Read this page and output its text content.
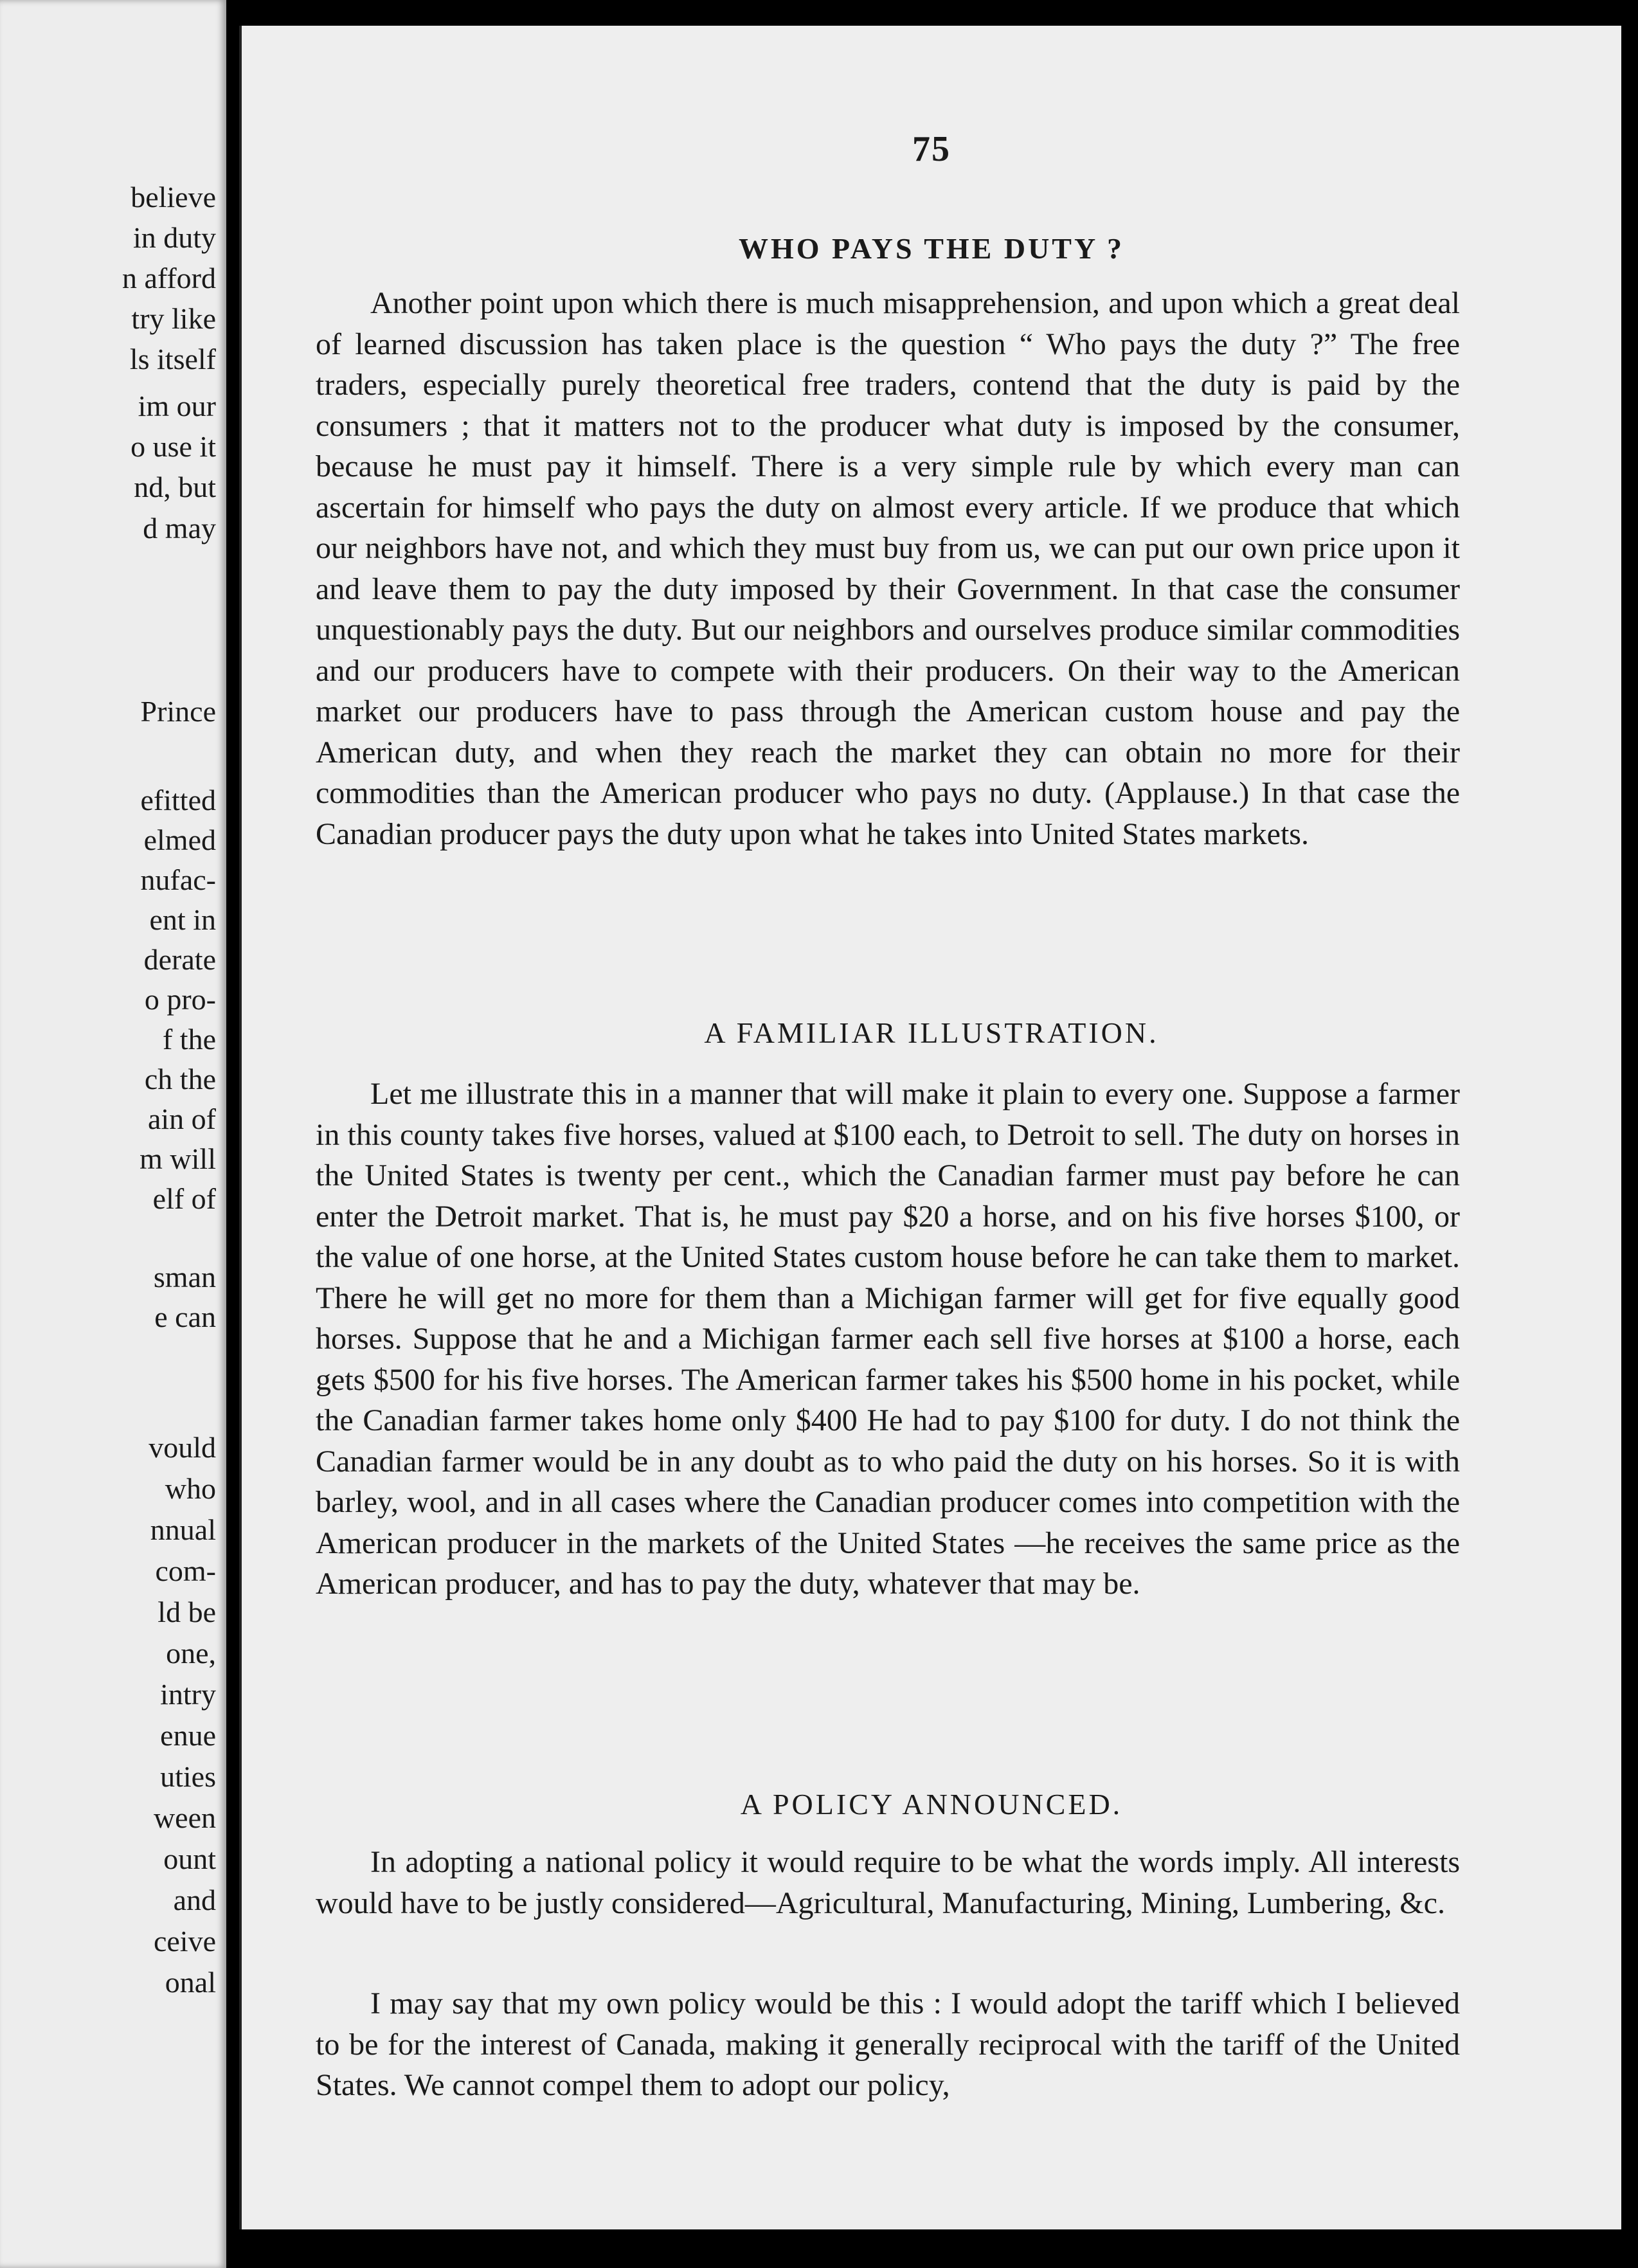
believe
in duty
n afford
try like
ls itself
im our
o use it
nd, but
d may
Prince
efitted
elmed
nufac-
ent in
derate
o pro-
f the
ch the
ain of
m will
elf of
sman
e can
vould
who
nnual
com-
ld be
one,
intry
enue
uties
ween
ount
and
ceive
onal
75
WHO PAYS THE DUTY ?

Another point upon which there is much misapprehension, and upon which a great deal of learned discussion has taken place is the question “ Who pays the duty ?” The free traders, especially purely theoretical free traders, contend that the duty is paid by the consumers ; that it matters not to the producer what duty is imposed by the consumer, because he must pay it himself. There is a very simple rule by which every man can ascertain for himself who pays the duty on almost every article. If we produce that which our neighbors have not, and which they must buy from us, we can put our own price upon it and leave them to pay the duty imposed by their Government. In that case the consumer unquestionably pays the duty. But our neighbors and ourselves produce similar commodities and our producers have to compete with their producers. On their way to the American market our producers have to pass through the American custom house and pay the American duty, and when they reach the market they can obtain no more for their commodities than the American producer who pays no duty. (Applause.) In that case the Canadian producer pays the duty upon what he takes into United States markets.

A FAMILIAR ILLUSTRATION.

Let me illustrate this in a manner that will make it plain to every one. Suppose a farmer in this county takes five horses, valued at $100 each, to Detroit to sell. The duty on horses in the United States is twenty per cent., which the Canadian farmer must pay before he can enter the Detroit market. That is, he must pay $20 a horse, and on his five horses $100, or the value of one horse, at the United States custom house before he can take them to market. There he will get no more for them than a Michigan farmer will get for five equally good horses. Suppose that he and a Michigan farmer each sell five horses at $100 a horse, each gets $500 for his five horses. The American farmer takes his $500 home in his pocket, while the Canadian farmer takes home only $400 He had to pay $100 for duty. I do not think the Canadian farmer would be in any doubt as to who paid the duty on his horses. So it is with barley, wool, and in all cases where the Canadian producer comes into competition with the American producer in the markets of the United States —he receives the same price as the American producer, and has to pay the duty, whatever that may be.

A POLICY ANNOUNCED.

In adopting a national policy it would require to be what the words imply. All interests would have to be justly considered—Agricultural, Manufacturing, Mining, Lumbering, &c.

I may say that my own policy would be this : I would adopt the tariff which I believed to be for the interest of Canada, making it generally reciprocal with the tariff of the United States. We cannot compel them to adopt our policy,
